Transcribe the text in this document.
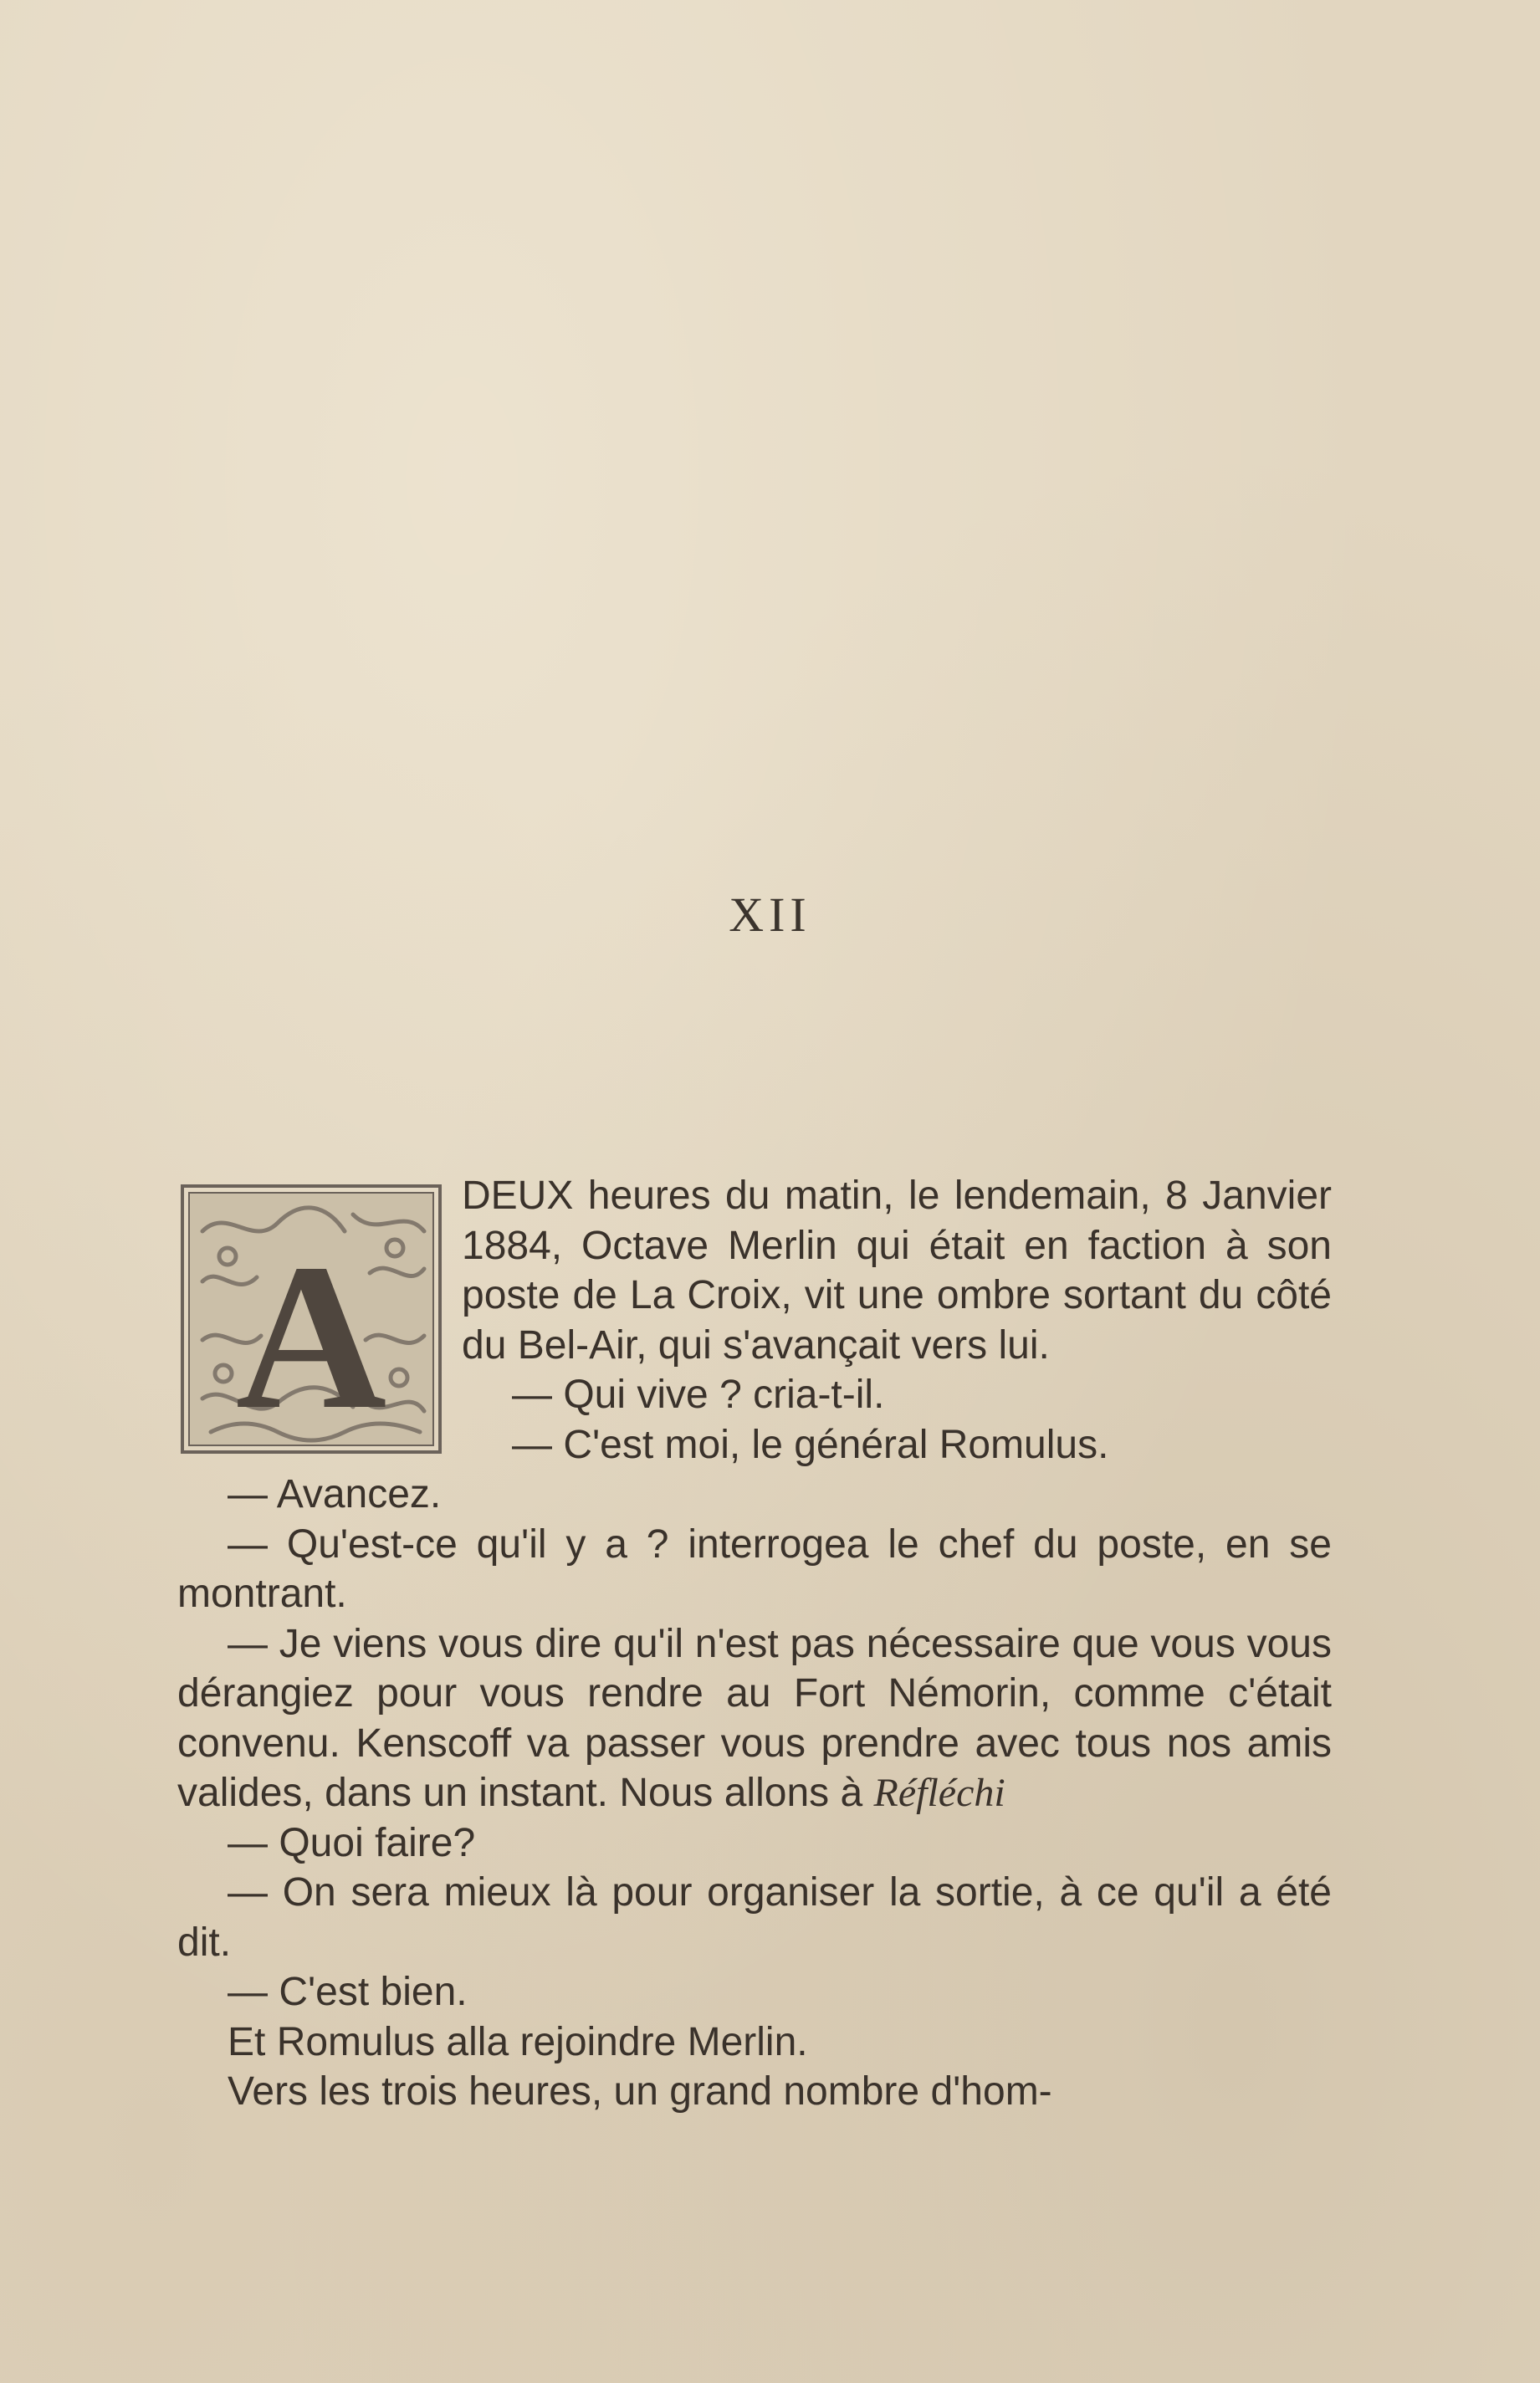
XII
A

DEUX heures du matin, le lendemain, 8 Janvier 1884, Octave Merlin qui était en faction à son poste de La Croix, vit une ombre sortant du côté du Bel-Air, qui s'avançait vers lui.

— Qui vive ? cria-t-il.

— C'est moi, le général Romulus.

— Avancez.

— Qu'est-ce qu'il y a ? interrogea le chef du poste, en se montrant.

— Je viens vous dire qu'il n'est pas nécessaire que vous vous dérangiez pour vous rendre au Fort Némorin, comme c'était convenu. Kenscoff va passer vous prendre avec tous nos amis valides, dans un instant. Nous allons à Réfléchi

— Quoi faire?

— On sera mieux là pour organiser la sortie, à ce qu'il a été dit.

— C'est bien.

Et Romulus alla rejoindre Merlin.

Vers les trois heures, un grand nombre d'hom-
